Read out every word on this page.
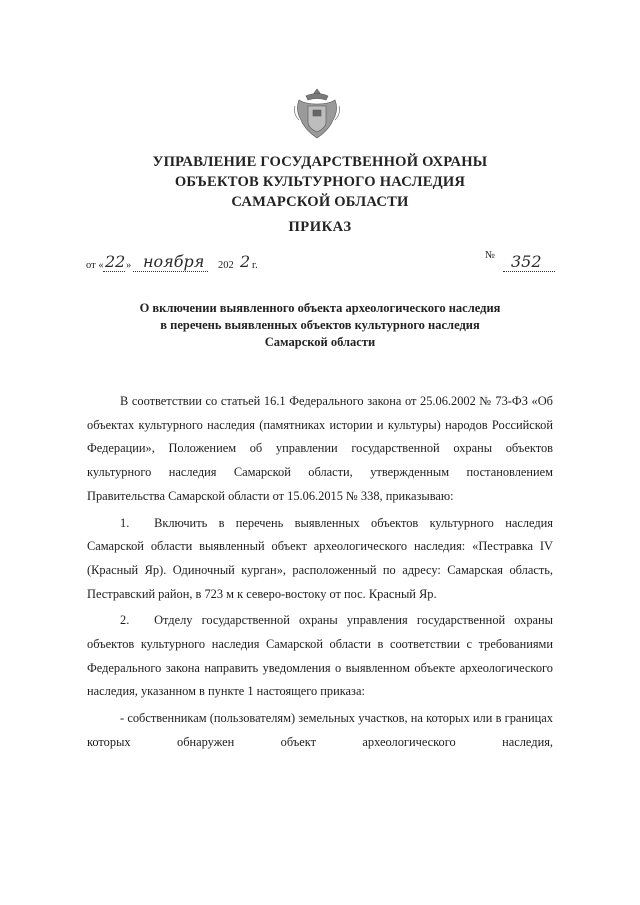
УПРАВЛЕНИЕ ГОСУДАРСТВЕННОЙ ОХРАНЫ
ОБЪЕКТОВ КУЛЬТУРНОГО НАСЛЕДИЯ
САМАРСКОЙ ОБЛАСТИ
ПРИКАЗ
от « 22 » ноября 202 2 г.
№ 352
О включении выявленного объекта археологического наследия
в перечень выявленных объектов культурного наследия
Самарской области

В соответствии со статьей 16.1 Федерального закона от 25.06.2002 № 73-ФЗ «Об объектах культурного наследия (памятниках истории и культуры) народов Российской Федерации», Положением об управлении государственной охраны объектов культурного наследия Самарской области, утвержденным постановлением Правительства Самарской области от 15.06.2015 № 338, приказываю:

1.  Включить в перечень выявленных объектов культурного наследия Самарской области выявленный объект археологического наследия: «Пестравка IV (Красный Яр). Одиночный курган», расположенный по адресу: Самарская область, Пестравский район, в 723 м к северо-востоку от пос. Красный Яр.

2.  Отделу государственной охраны управления государственной охраны объектов культурного наследия Самарской области в соответствии с требованиями Федерального закона направить уведомления о выявленном объекте археологического наследия, указанном в пункте 1 настоящего приказа:

- собственникам (пользователям) земельных участков, на которых или в границах которых обнаружен объект археологического наследия,
